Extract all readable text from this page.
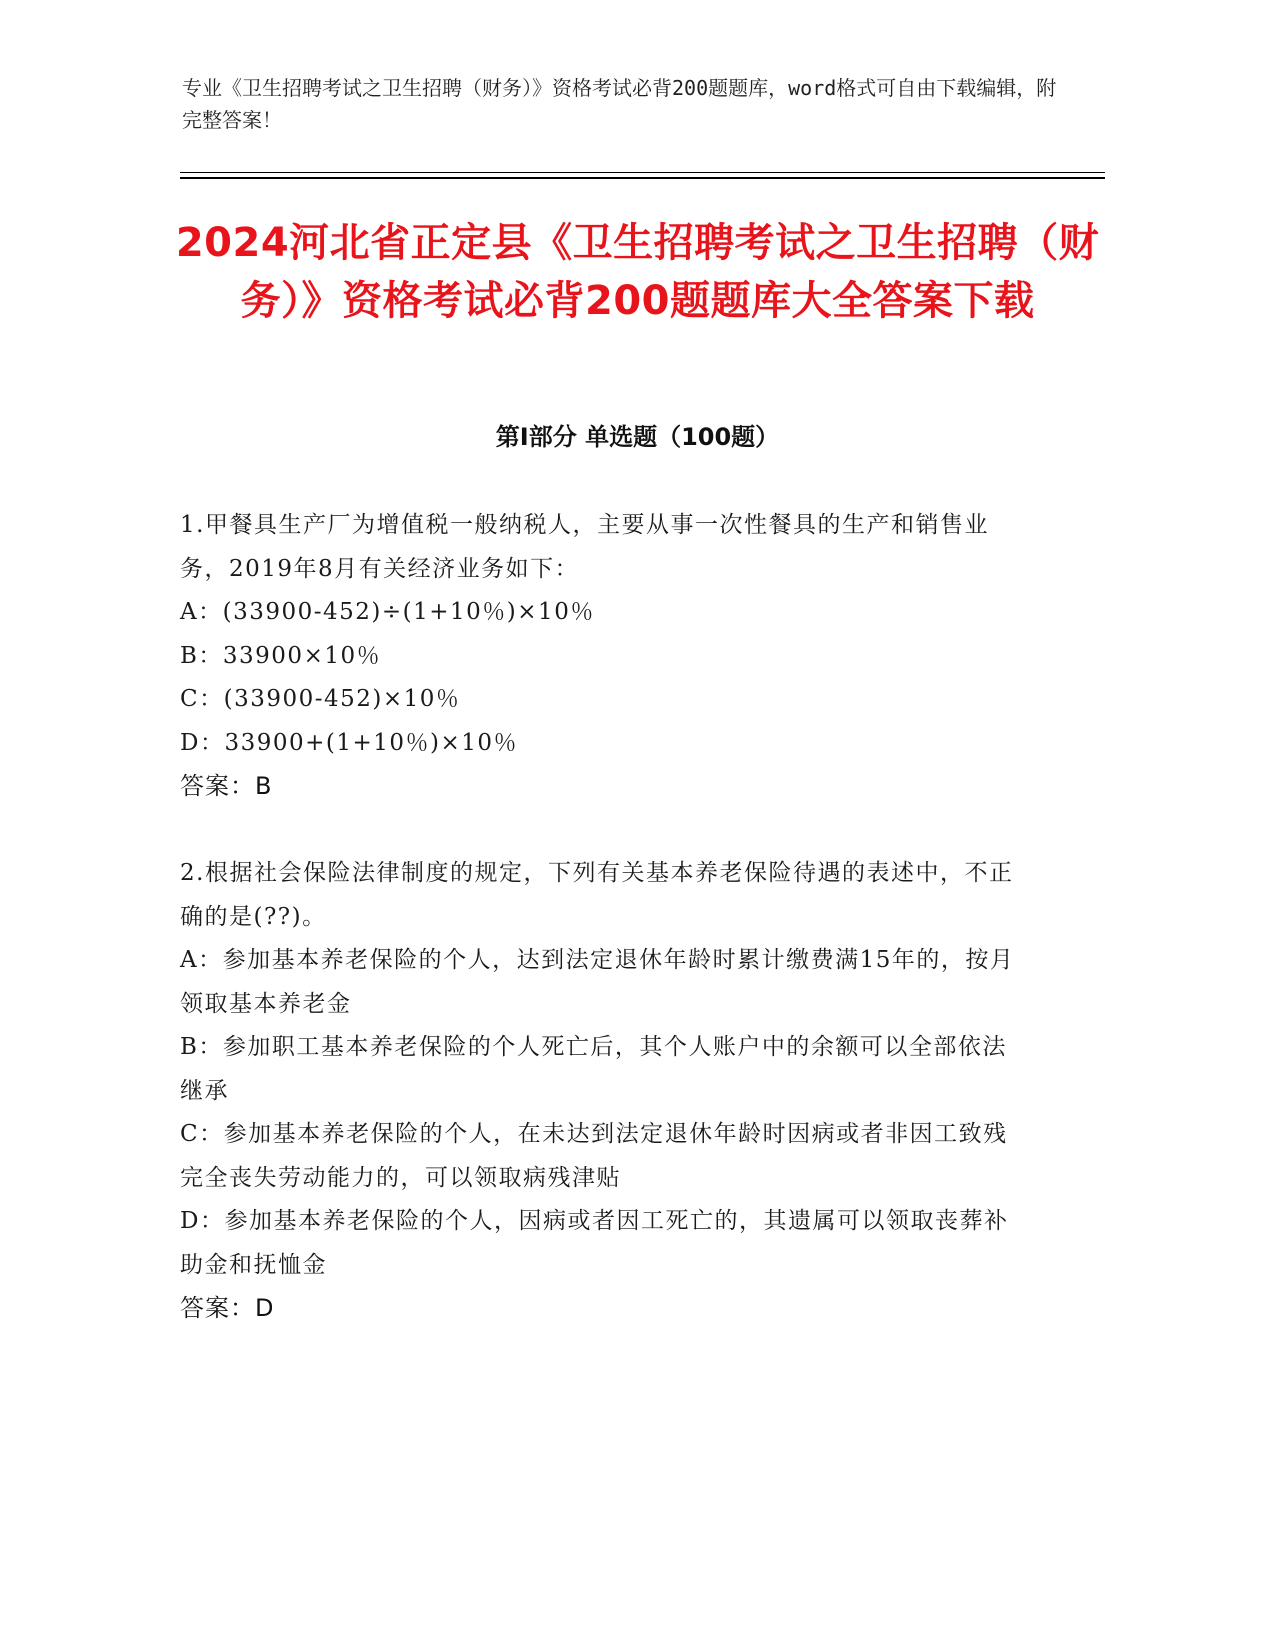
专业《卫生招聘考试之卫生招聘（财务）》资格考试必背200题题库，word格式可自由下载编辑，附完整答案！
2024河北省正定县《卫生招聘考试之卫生招聘（财务）》资格考试必背200题题库大全答案下载
第Ⅰ部分 单选题（100题）
1.甲餐具生产厂为增值税一般纳税人，主要从事一次性餐具的生产和销售业务，2019年8月有关经济业务如下：
A：(33900-452)÷(1+10％)×10％
B：33900×10％
C：(33900-452)×10％
D：33900+(1+10％)×10％
答案：B
2.根据社会保险法律制度的规定，下列有关基本养老保险待遇的表述中，不正确的是(??)。
A：参加基本养老保险的个人，达到法定退休年龄时累计缴费满15年的，按月领取基本养老金
B：参加职工基本养老保险的个人死亡后，其个人账户中的余额可以全部依法继承
C：参加基本养老保险的个人，在未达到法定退休年龄时因病或者非因工致残完全丧失劳动能力的，可以领取病残津贴
D：参加基本养老保险的个人，因病或者因工死亡的，其遗属可以领取丧葬补助金和抚恤金
答案：D
